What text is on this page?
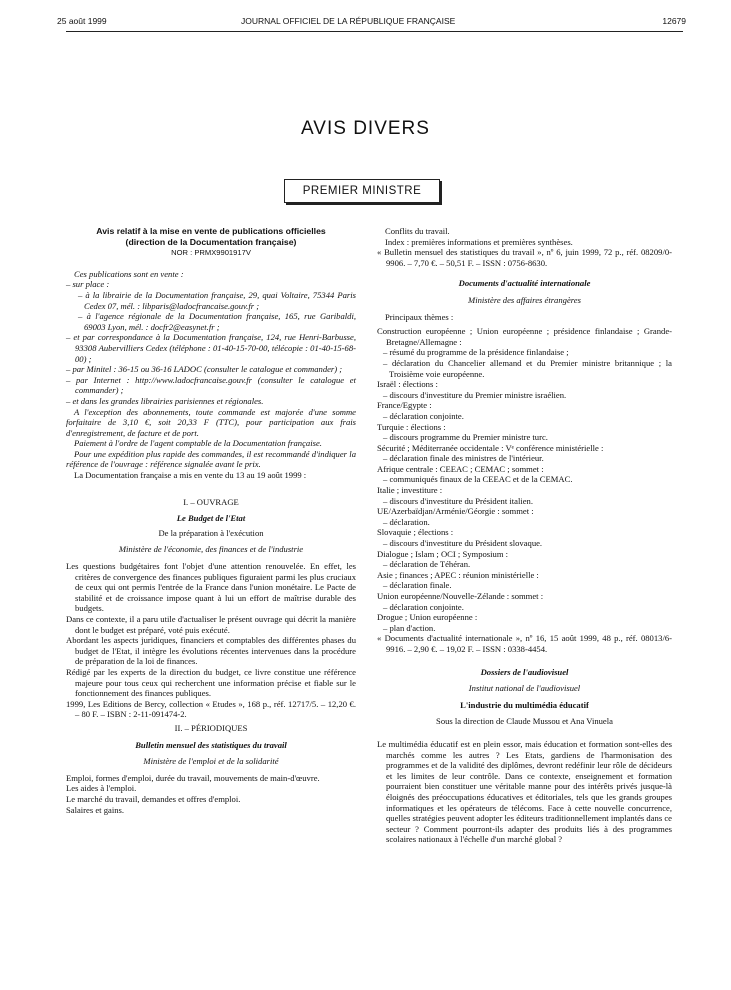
25 août 1999	JOURNAL OFFICIEL DE LA RÉPUBLIQUE FRANÇAISE	12679
AVIS DIVERS
PREMIER MINISTRE

Avis relatif à la mise en vente de publications officielles

(direction de la Documentation française)

NOR : PRMX9901917V

Ces publications sont en vente :

– sur place :

– à la librairie de la Documentation française, 29, quai Voltaire, 75344 Paris Cedex 07, mél. : libparis@ladocfrancaise.gouv.fr ;

– à l'agence régionale de la Documentation française, 165, rue Garibaldi, 69003 Lyon, mél. : docfr2@easynet.fr ;

– et par correspondance à la Documentation française, 124, rue Henri-Barbusse, 93308 Aubervilliers Cedex (téléphone : 01-40-15-70-00, télécopie : 01-40-15-68-00) ;

– par Minitel : 36-15 ou 36-16 LADOC (consulter le catalogue et commander) ;

– par Internet : http://www.ladocfrancaise.gouv.fr (consulter le catalogue et commander) ;

– et dans les grandes librairies parisiennes et régionales.

A l'exception des abonnements, toute commande est majorée d'une somme forfaitaire de 3,10 €, soit 20,33 F (TTC), pour participation aux frais d'enregistrement, de facture et de port.

Paiement à l'ordre de l'agent comptable de la Documentation française.

Pour une expédition plus rapide des commandes, il est recommandé d'indiquer la référence de l'ouvrage : référence signalée avant le prix.

La Documentation française a mis en vente du 13 au 19 août 1999 :

I. – OUVRAGE

Le Budget de l'Etat

De la préparation à l'exécution

Ministère de l'économie, des finances et de l'industrie

Les questions budgétaires font l'objet d'une attention renouvelée. En effet, les critères de convergence des finances publiques figuraient parmi les plus cruciaux de ceux qui ont permis l'entrée de la France dans l'union monétaire. Le Pacte de stabilité et de croissance impose quant à lui un effort de maîtrise durable des budgets.

Dans ce contexte, il a paru utile d'actualiser le présent ouvrage qui décrit la manière dont le budget est préparé, voté puis exécuté.

Abordant les aspects juridiques, financiers et comptables des différentes phases du budget de l'Etat, il intègre les évolutions récentes intervenues dans la procédure de préparation de la loi de finances.

Rédigé par les experts de la direction du budget, ce livre constitue une référence majeure pour tous ceux qui recherchent une information précise et fiable sur le fonctionnement des finances publiques.

1999, Les Editions de Bercy, collection « Etudes », 168 p., réf. 12717/5. – 12,20 €. – 80 F. – ISBN : 2-11-091474-2.

II. – PÉRIODIQUES

Bulletin mensuel des statistiques du travail

Ministère de l'emploi et de la solidarité

Emploi, formes d'emploi, durée du travail, mouvements de main-d'œuvre.

Les aides à l'emploi.

Le marché du travail, demandes et offres d'emploi.

Salaires et gains.

Conflits du travail.

Index : premières informations et premières synthèses.

« Bulletin mensuel des statistiques du travail », nº 6, juin 1999, 72 p., réf. 08209/0-9906. – 7,70 €. – 50,51 F. – ISSN : 0756-8630.

Documents d'actualité internationale

Ministère des affaires étrangères

Principaux thèmes :

Construction européenne ; Union européenne ; présidence finlandaise ; Grande-Bretagne/Allemagne :

– résumé du programme de la présidence finlandaise ;

– déclaration du Chancelier allemand et du Premier ministre britannique ; la Troisième voie européenne.

Israël : élections :

– discours d'investiture du Premier ministre israélien.

France/Egypte :

– déclaration conjointe.

Turquie : élections :

– discours programme du Premier ministre turc.

Sécurité ; Méditerranée occidentale : Vᵉ conférence ministérielle :

– déclaration finale des ministres de l'intérieur.

Afrique centrale : CEEAC ; CEMAC ; sommet :

– communiqués finaux de la CEEAC et de la CEMAC.

Italie ; investiture :

– discours d'investiture du Président italien.

UE/Azerbaïdjan/Arménie/Géorgie : sommet :

– déclaration.

Slovaquie ; élections :

– discours d'investiture du Président slovaque.

Dialogue ; Islam ; OCI ; Symposium :

– déclaration de Téhéran.

Asie ; finances ; APEC : réunion ministérielle :

– déclaration finale.

Union européenne/Nouvelle-Zélande : sommet :

– déclaration conjointe.

Drogue ; Union européenne :

– plan d'action.

« Documents d'actualité internationale », nº 16, 15 août 1999, 48 p., réf. 08013/6-9916. – 2,90 €. – 19,02 F. – ISSN : 0338-4454.

Dossiers de l'audiovisuel

Institut national de l'audiovisuel

L'industrie du multimédia éducatif

Sous la direction de Claude Mussou et Ana Vinuela

Le multimédia éducatif est en plein essor, mais éducation et formation sont-elles des marchés comme les autres ? Les Etats, gardiens de l'harmonisation des programmes et de la validité des diplômes, devront redéfinir leur rôle de décideurs et les limites de leur contrôle. Dans ce contexte, enseignement et formation pourraient bien constituer une véritable manne pour des intérêts privés jusque-là éloignés des préoccupations éducatives et éditoriales, tels que les grands groupes informatiques et les opérateurs de télécoms. Face à cette nouvelle concurrence, quelles stratégies peuvent adopter les éditeurs traditionnellement implantés dans ce secteur ? Comment pourront-ils adapter des produits liés à des programmes scolaires nationaux à l'échelle d'un marché global ?
